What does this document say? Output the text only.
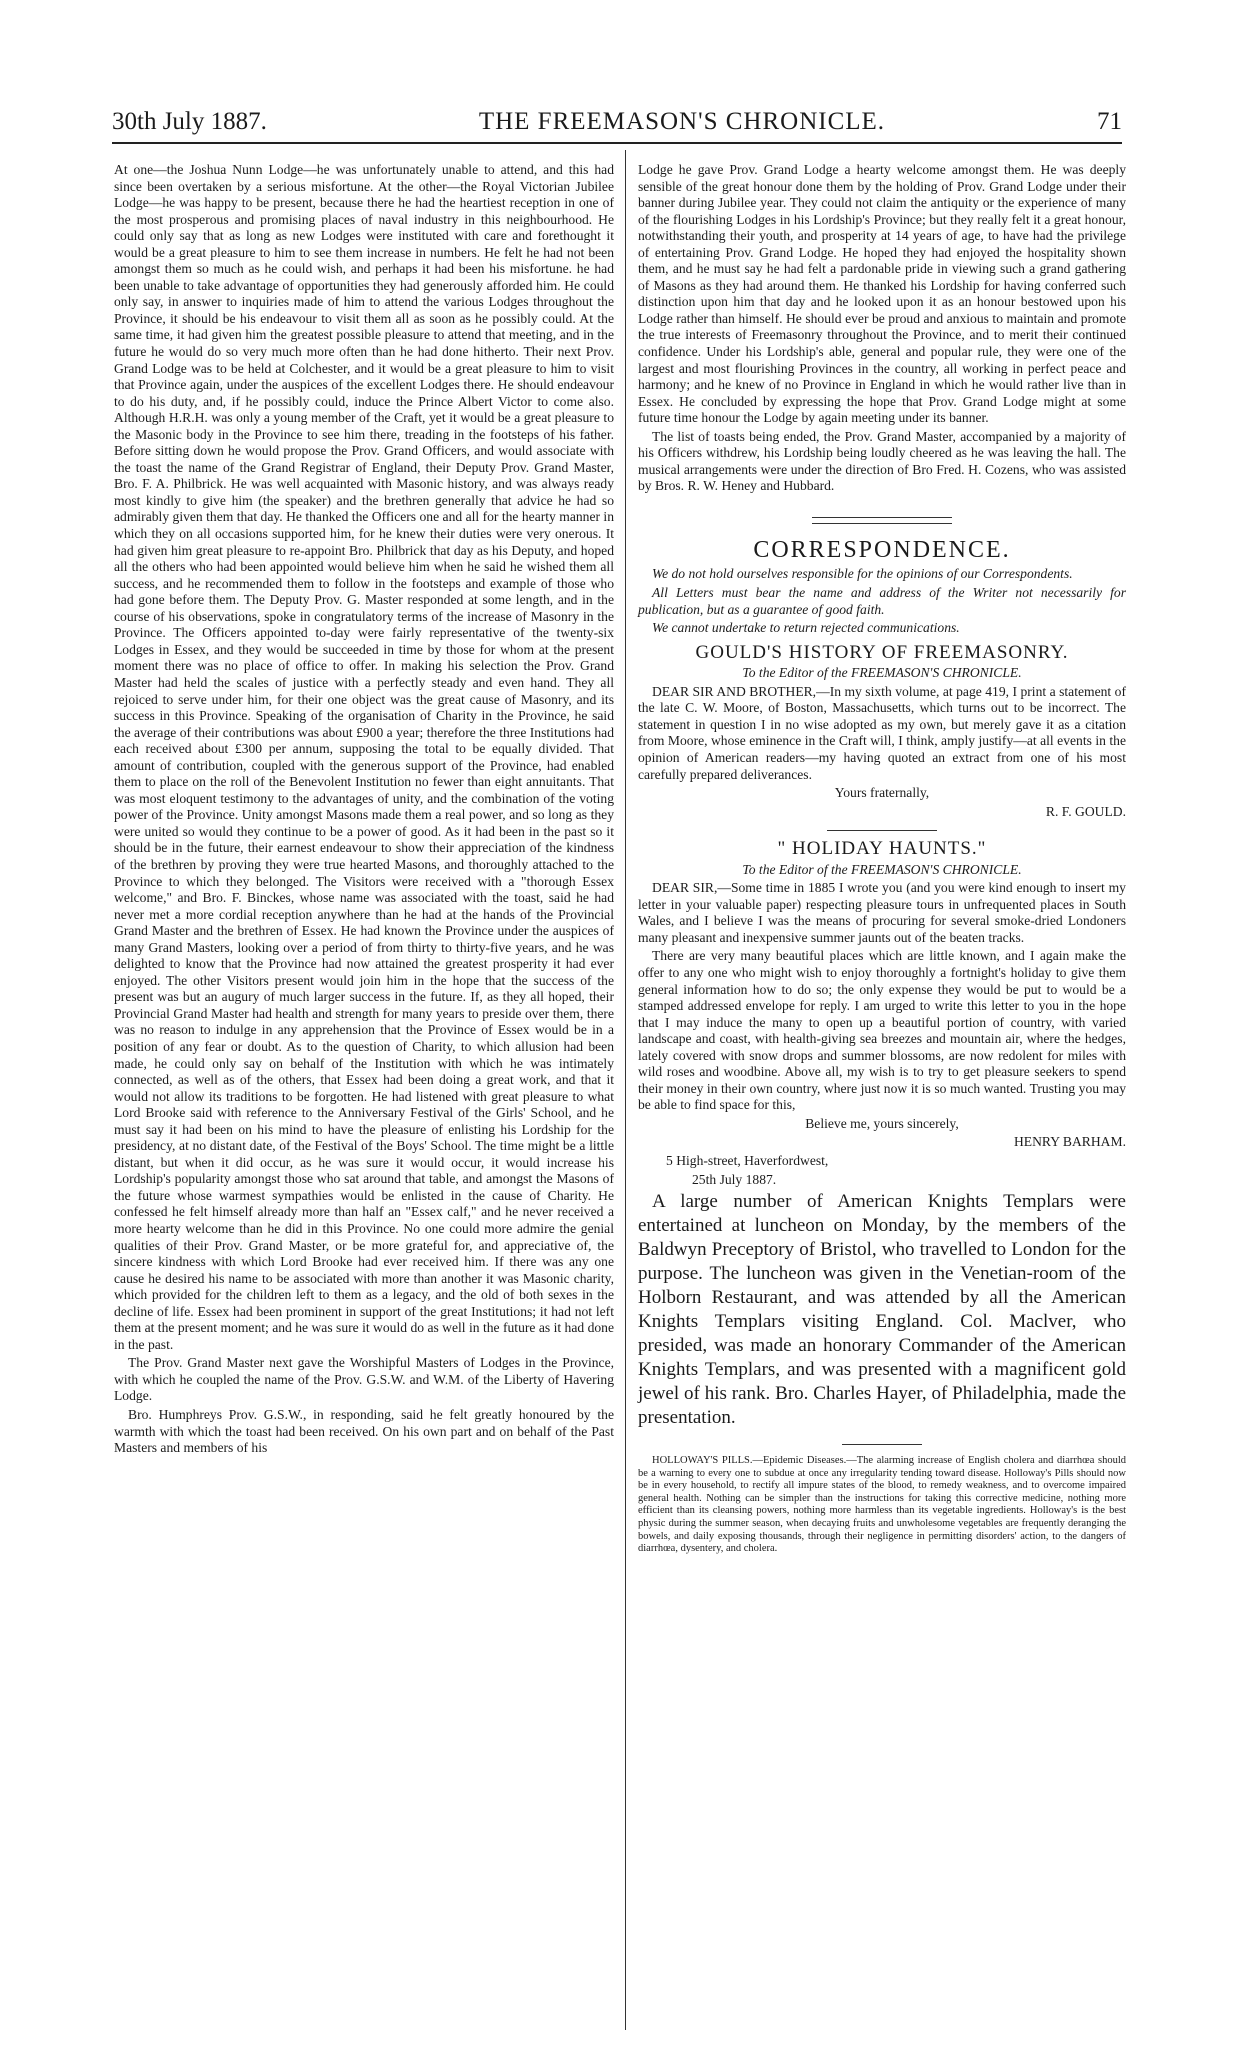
30th July 1887.	THE FREEMASON'S CHRONICLE.	71

At one—the Joshua Nunn Lodge—he was unfortunately unable to attend, and this had since been overtaken by a serious misfortune. At the other—the Royal Victorian Jubilee Lodge—he was happy to be present, because there he had the heartiest reception in one of the most prosperous and promising places of naval industry in this neighbourhood. He could only say that as long as new Lodges were instituted with care and forethought it would be a great pleasure to him to see them increase in numbers. He felt he had not been amongst them so much as he could wish, and perhaps it had been his misfortune. he had been unable to take advantage of opportunities they had generously afforded him. He could only say, in answer to inquiries made of him to attend the various Lodges throughout the Province, it should be his endeavour to visit them all as soon as he possibly could. At the same time, it had given him the greatest possible pleasure to attend that meeting, and in the future he would do so very much more often than he had done hitherto. Their next Prov. Grand Lodge was to be held at Colchester, and it would be a great pleasure to him to visit that Province again, under the auspices of the excellent Lodges there. He should endeavour to do his duty, and, if he possibly could, induce the Prince Albert Victor to come also. Although H.R.H. was only a young member of the Craft, yet it would be a great pleasure to the Masonic body in the Province to see him there, treading in the footsteps of his father. Before sitting down he would propose the Prov. Grand Officers, and would associate with the toast the name of the Grand Registrar of England, their Deputy Prov. Grand Master, Bro. F. A. Philbrick. He was well acquainted with Masonic history, and was always ready most kindly to give him (the speaker) and the brethren generally that advice he had so admirably given them that day. He thanked the Officers one and all for the hearty manner in which they on all occasions supported him, for he knew their duties were very onerous. It had given him great pleasure to re-appoint Bro. Philbrick that day as his Deputy, and hoped all the others who had been appointed would believe him when he said he wished them all success, and he recommended them to follow in the footsteps and example of those who had gone before them. The Deputy Prov. G. Master responded at some length, and in the course of his observations, spoke in congratulatory terms of the increase of Masonry in the Province. The Officers appointed to-day were fairly representative of the twenty-six Lodges in Essex, and they would be succeeded in time by those for whom at the present moment there was no place of office to offer. In making his selection the Prov. Grand Master had held the scales of justice with a perfectly steady and even hand. They all rejoiced to serve under him, for their one object was the great cause of Masonry, and its success in this Province. Speaking of the organisation of Charity in the Province, he said the average of their contributions was about £900 a year; therefore the three Institutions had each received about £300 per annum, supposing the total to be equally divided. That amount of contribution, coupled with the generous support of the Province, had enabled them to place on the roll of the Benevolent Institution no fewer than eight annuitants. That was most eloquent testimony to the advantages of unity, and the combination of the voting power of the Province. Unity amongst Masons made them a real power, and so long as they were united so would they continue to be a power of good. As it had been in the past so it should be in the future, their earnest endeavour to show their appreciation of the kindness of the brethren by proving they were true hearted Masons, and thoroughly attached to the Province to which they belonged. The Visitors were received with a "thorough Essex welcome," and Bro. F. Binckes, whose name was associated with the toast, said he had never met a more cordial reception anywhere than he had at the hands of the Provincial Grand Master and the brethren of Essex. He had known the Province under the auspices of many Grand Masters, looking over a period of from thirty to thirty-five years, and he was delighted to know that the Province had now attained the greatest prosperity it had ever enjoyed. The other Visitors present would join him in the hope that the success of the present was but an augury of much larger success in the future. If, as they all hoped, their Provincial Grand Master had health and strength for many years to preside over them, there was no reason to indulge in any apprehension that the Province of Essex would be in a position of any fear or doubt. As to the question of Charity, to which allusion had been made, he could only say on behalf of the Institution with which he was intimately connected, as well as of the others, that Essex had been doing a great work, and that it would not allow its traditions to be forgotten. He had listened with great pleasure to what Lord Brooke said with reference to the Anniversary Festival of the Girls' School, and he must say it had been on his mind to have the pleasure of enlisting his Lordship for the presidency, at no distant date, of the Festival of the Boys' School. The time might be a little distant, but when it did occur, as he was sure it would occur, it would increase his Lordship's popularity amongst those who sat around that table, and amongst the Masons of the future whose warmest sympathies would be enlisted in the cause of Charity. He confessed he felt himself already more than half an "Essex calf," and he never received a more hearty welcome than he did in this Province. No one could more admire the genial qualities of their Prov. Grand Master, or be more grateful for, and appreciative of, the sincere kindness with which Lord Brooke had ever received him. If there was any one cause he desired his name to be associated with more than another it was Masonic charity, which provided for the children left to them as a legacy, and the old of both sexes in the decline of life. Essex had been prominent in support of the great Institutions; it had not left them at the present moment; and he was sure it would do as well in the future as it had done in the past.

The Prov. Grand Master next gave the Worshipful Masters of Lodges in the Province, with which he coupled the name of the Prov. G.S.W. and W.M. of the Liberty of Havering Lodge.

Bro. Humphreys Prov. G.S.W., in responding, said he felt greatly honoured by the warmth with which the toast had been received. On his own part and on behalf of the Past Masters and members of his

Lodge he gave Prov. Grand Lodge a hearty welcome amongst them. He was deeply sensible of the great honour done them by the holding of Prov. Grand Lodge under their banner during Jubilee year. They could not claim the antiquity or the experience of many of the flourishing Lodges in his Lordship's Province; but they really felt it a great honour, notwithstanding their youth, and prosperity at 14 years of age, to have had the privilege of entertaining Prov. Grand Lodge. He hoped they had enjoyed the hospitality shown them, and he must say he had felt a pardonable pride in viewing such a grand gathering of Masons as they had around them. He thanked his Lordship for having conferred such distinction upon him that day and he looked upon it as an honour bestowed upon his Lodge rather than himself. He should ever be proud and anxious to maintain and promote the true interests of Freemasonry throughout the Province, and to merit their continued confidence. Under his Lordship's able, general and popular rule, they were one of the largest and most flourishing Provinces in the country, all working in perfect peace and harmony; and he knew of no Province in England in which he would rather live than in Essex. He concluded by expressing the hope that Prov. Grand Lodge might at some future time honour the Lodge by again meeting under its banner.

The list of toasts being ended, the Prov. Grand Master, accompanied by a majority of his Officers withdrew, his Lordship being loudly cheered as he was leaving the hall. The musical arrangements were under the direction of Bro Fred. H. Cozens, who was assisted by Bros. R. W. Heney and Hubbard.

CORRESPONDENCE.

We do not hold ourselves responsible for the opinions of our Correspondents.

All Letters must bear the name and address of the Writer not necessarily for publication, but as a guarantee of good faith.

We cannot undertake to return rejected communications.

GOULD'S HISTORY OF FREEMASONRY.

To the Editor of the FREEMASON'S CHRONICLE.

DEAR SIR AND BROTHER,—In my sixth volume, at page 419, I print a statement of the late C. W. Moore, of Boston, Massachusetts, which turns out to be incorrect. The statement in question I in no wise adopted as my own, but merely gave it as a citation from Moore, whose eminence in the Craft will, I think, amply justify—at all events in the opinion of American readers—my having quoted an extract from one of his most carefully prepared deliverances.

Yours fraternally,

R. F. GOULD.

" HOLIDAY HAUNTS."

To the Editor of the FREEMASON'S CHRONICLE.

DEAR SIR,—Some time in 1885 I wrote you (and you were kind enough to insert my letter in your valuable paper) respecting pleasure tours in unfrequented places in South Wales, and I believe I was the means of procuring for several smoke-dried Londoners many pleasant and inexpensive summer jaunts out of the beaten tracks.

There are very many beautiful places which are little known, and I again make the offer to any one who might wish to enjoy thoroughly a fortnight's holiday to give them general information how to do so; the only expense they would be put to would be a stamped addressed envelope for reply. I am urged to write this letter to you in the hope that I may induce the many to open up a beautiful portion of country, with varied landscape and coast, with health-giving sea breezes and mountain air, where the hedges, lately covered with snow drops and summer blossoms, are now redolent for miles with wild roses and woodbine. Above all, my wish is to try to get pleasure seekers to spend their money in their own country, where just now it is so much wanted. Trusting you may be able to find space for this,

Believe me, yours sincerely,

HENRY BARHAM.

5 High-street, Haverfordwest,

25th July 1887.

A large number of American Knights Templars were entertained at luncheon on Monday, by the members of the Baldwyn Preceptory of Bristol, who travelled to London for the purpose. The luncheon was given in the Venetian-room of the Holborn Restaurant, and was attended by all the American Knights Templars visiting England. Col. Maclver, who presided, was made an honorary Commander of the American Knights Templars, and was presented with a magnificent gold jewel of his rank. Bro. Charles Hayer, of Philadelphia, made the presentation.

HOLLOWAY'S PILLS.—Epidemic Diseases.—The alarming increase of English cholera and diarrhœa should be a warning to every one to subdue at once any irregularity tending toward disease. Holloway's Pills should now be in every household, to rectify all impure states of the blood, to remedy weakness, and to overcome impaired general health. Nothing can be simpler than the instructions for taking this corrective medicine, nothing more efficient than its cleansing powers, nothing more harmless than its vegetable ingredients. Holloway's is the best physic during the summer season, when decaying fruits and unwholesome vegetables are frequently deranging the bowels, and daily exposing thousands, through their negligence in permitting disorders' action, to the dangers of diarrhœa, dysentery, and cholera.
